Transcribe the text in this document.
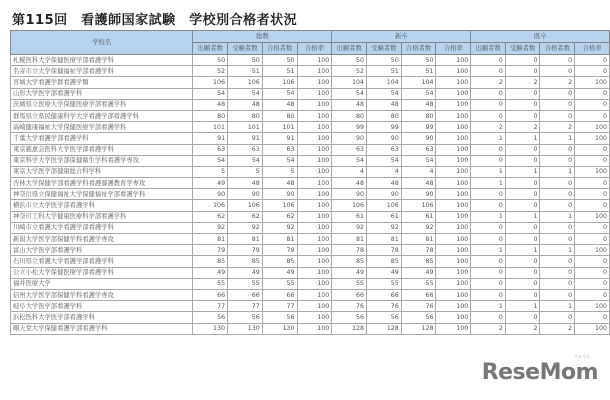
第115回　看護師国家試験　学校別合格者状況
学校名	総数				新卒				既卒			
	出願者数	受験者数	合格者数	合格率	出願者数	受験者数	合格者数	合格率	出願者数	受験者数	合格者数	合格率
札幌医科大学保健医療学部看護学科	50	50	50	100	50	50	50	100	0	0	0	0
名寄市立大学保健福祉学部看護学科	52	51	51	100	52	51	51	100	0	0	0	0
宮城大学看護学群看護学類	106	106	106	100	104	104	104	100	2	2	2	100
山形大学医学部看護学科	54	54	54	100	54	54	54	100	0	0	0	0
茨城県立医療大学保健医療学部看護学科	48	48	48	100	48	48	48	100	0	0	0	0
群馬県立県民健康科学大学看護学部看護学科	80	80	80	100	80	80	80	100	0	0	0	0
高崎健康福祉大学保健医療学部看護学科	101	101	101	100	99	99	99	100	2	2	2	100
千葉大学看護学部看護学科	91	91	91	100	90	90	90	100	1	1	1	100
東京慈恵会医科大学医学部看護学科	63	63	63	100	63	63	63	100	0	0	0	0
東京科学大学医学部保健衛生学科看護学専攻	54	54	54	100	54	54	54	100	0	0	0	0
東京大学医学部健康総合科学科	5	5	5	100	4	4	4	100	1	1	1	100
杏林大学保健学部看護学科看護養護教育学専攻	49	48	48	100	48	48	48	100	1	0	0	0
神奈川県立保健福祉大学保健福祉学部看護学科	90	90	90	100	90	90	90	100	0	0	0	0
横浜市立大学医学部看護学科	106	106	106	100	106	106	106	100	0	0	0	0
神奈川工科大学健康医療科学部看護学科	62	62	62	100	61	61	61	100	1	1	1	100
川崎市立看護大学看護学部看護学科	92	92	92	100	92	92	92	100	0	0	0	0
新潟大学医学部保健学科看護学専攻	81	81	81	100	81	81	81	100	0	0	0	0
富山大学医学部看護学科	79	79	79	100	78	78	78	100	1	1	1	100
石川県立看護大学看護学部看護学科	85	85	85	100	85	85	85	100	0	0	0	0
公立小松大学保健医療学部看護学科	49	49	49	100	49	49	49	100	0	0	0	0
福井医療大学	55	55	55	100	55	55	55	100	0	0	0	0
信州大学医学部保健学科看護学専攻	66	66	66	100	66	66	66	100	0	0	0	0
岐阜大学医学部看護学科	77	77	77	100	76	76	76	100	1	1	1	100
浜松医科大学医学部看護学科	56	56	56	100	56	56	56	100	0	0	0	0
順天堂大学保健看護学部看護学科	130	130	130	100	128	128	128	100	2	2	2	100
リセマム
ReseMom
